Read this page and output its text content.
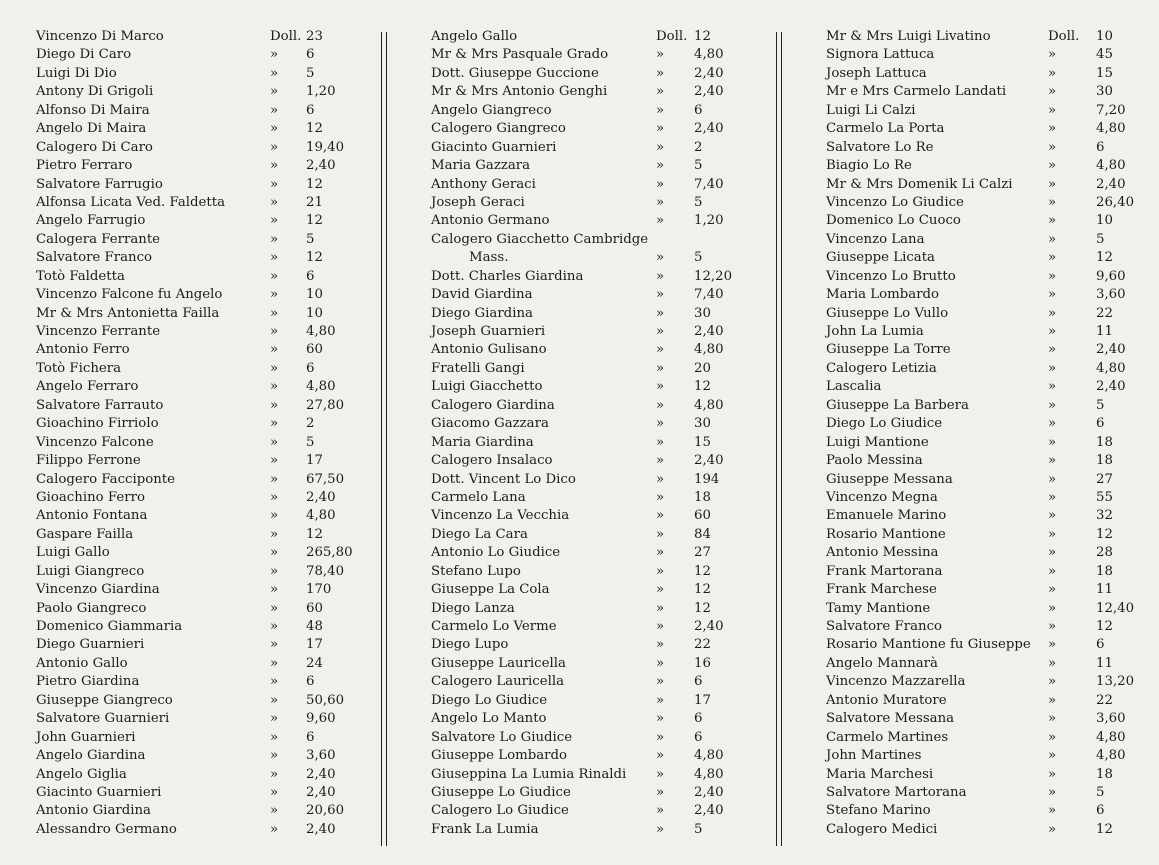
Vincenzo Di Marco	Doll. 23
Diego Di Caro	» 6
Luigi Di Dio	» 5
Antony Di Grigoli	» 1,20
Alfonso Di Maira	» 6
Angelo Di Maira	» 12
Calogero Di Caro	» 19,40
Pietro Ferraro	» 2,40
Salvatore Farrugio	» 12
Alfonsa Licata Ved. Faldetta	» 21
Angelo Farrugio	» 12
Calogera Ferrante	» 5
Salvatore Franco	» 12
Totò Faldetta	» 6
Vincenzo Falcone fu Angelo	» 10
Mr & Mrs Antonietta Failla	» 10
Vincenzo Ferrante	» 4,80
Antonio Ferro	» 60
Totò Fichera	» 6
Angelo Ferraro	» 4,80
Salvatore Farrauto	» 27,80
Gioachino Firriolo	» 2
Vincenzo Falcone	» 5
Filippo Ferrone	» 17
Calogero Facciponte	» 67,50
Gioachino Ferro	» 2,40
Antonio Fontana	» 4,80
Gaspare Failla	» 12
Luigi Gallo	» 265,80
Luigi Giangreco	» 78,40
Vincenzo Giardina	» 170
Paolo Giangreco	» 60
Domenico Giammaria	» 48
Diego Guarnieri	» 17
Antonio Gallo	» 24
Pietro Giardina	» 6
Giuseppe Giangreco	» 50,60
Salvatore Guarnieri	» 9,60
John Guarnieri	» 6
Angelo Giardina	» 3,60
Angelo Giglia	» 2,40
Giacinto Guarnieri	» 2,40
Antonio Giardina	» 20,60
Alessandro Germano	» 2,40
Angelo Gallo	Doll. 12
Mr & Mrs Pasquale Grado	» 4,80
Dott. Giuseppe Guccione	» 2,40
Mr & Mrs Antonio Genghi	» 2,40
Angelo Giangreco	» 6
Calogero Giangreco	» 2,40
Giacinto Guarnieri	» 2
Maria Gazzara	» 5
Anthony Geraci	» 7,40
Joseph Geraci	» 5
Antonio Germano	» 1,20
Calogero Giacchetto Cambridge
Mass.	» 5
Dott. Charles Giardina	» 12,20
David Giardina	» 7,40
Diego Giardina	» 30
Joseph Guarnieri	» 2,40
Antonio Gulisano	» 4,80
Fratelli Gangi	» 20
Luigi Giacchetto	» 12
Calogero Giardina	» 4,80
Giacomo Gazzara	» 30
Maria Giardina	» 15
Calogero Insalaco	» 2,40
Dott. Vincent Lo Dico	» 194
Carmelo Lana	» 18
Vincenzo La Vecchia	» 60
Diego La Cara	» 84
Antonio Lo Giudice	» 27
Stefano Lupo	» 12
Giuseppe La Cola	» 12
Diego Lanza	» 12
Carmelo Lo Verme	» 2,40
Diego Lupo	» 22
Giuseppe Lauricella	» 16
Calogero Lauricella	» 6
Diego Lo Giudice	» 17
Angelo Lo Manto	» 6
Salvatore Lo Giudice	» 6
Giuseppe Lombardo	» 4,80
Giuseppina La Lumia Rinaldi » 4,80
Giuseppe Lo Giudice	» 2,40
Calogero Lo Giudice	» 2,40
Frank La Lumia	» 5
Mr & Mrs Luigi Livatino	Doll. 10
Signora Lattuca	»	45
Joseph Lattuca	»	15
Mr e Mrs Carmelo Landati	»	30
Luigi Li Calzi	»	7,20
Carmelo La Porta	»	4,80
Salvatore Lo Re	»	6
Biagio Lo Re	»	4,80
Mr & Mrs Domenik Li Calzi	»	2,40
Vincenzo Lo Giudice	»	26,40
Domenico Lo Cuoco	»	10
Vincenzo Lana	»	5
Giuseppe Licata	»	12
Vincenzo Lo Brutto	»	9,60
Maria Lombardo	»	3,60
Giuseppe Lo Vullo	»	22
John La Lumia	»	11
Giuseppe La Torre	»	2,40
Calogero Letizia	»	4,80
Lascalia	»	2,40
Giuseppe La Barbera	»	5
Diego Lo Giudice	»	6
Luigi Mantione	»	18
Paolo Messina	»	18
Giuseppe Messana	»	27
Vincenzo Megna	»	55
Emanuele Marino	»	32
Rosario Mantione	»	12
Antonio Messina	»	28
Frank Martorana	»	18
Frank Marchese	»	11
Tamy Mantione	»	12,40
Salvatore Franco	»	12
Rosario Mantione fu Giuseppe »	6
Angelo Mannarà	»	11
Vincenzo Mazzarella	»	13,20
Antonio Muratore	»	22
Salvatore Messana	»	3,60
Carmelo Martines	»	4,80
John Martines	»	4,80
Maria Marchesi	»	18
Salvatore Martorana	»	5
Stefano Marino	»	6
Calogero Medici	»	12
